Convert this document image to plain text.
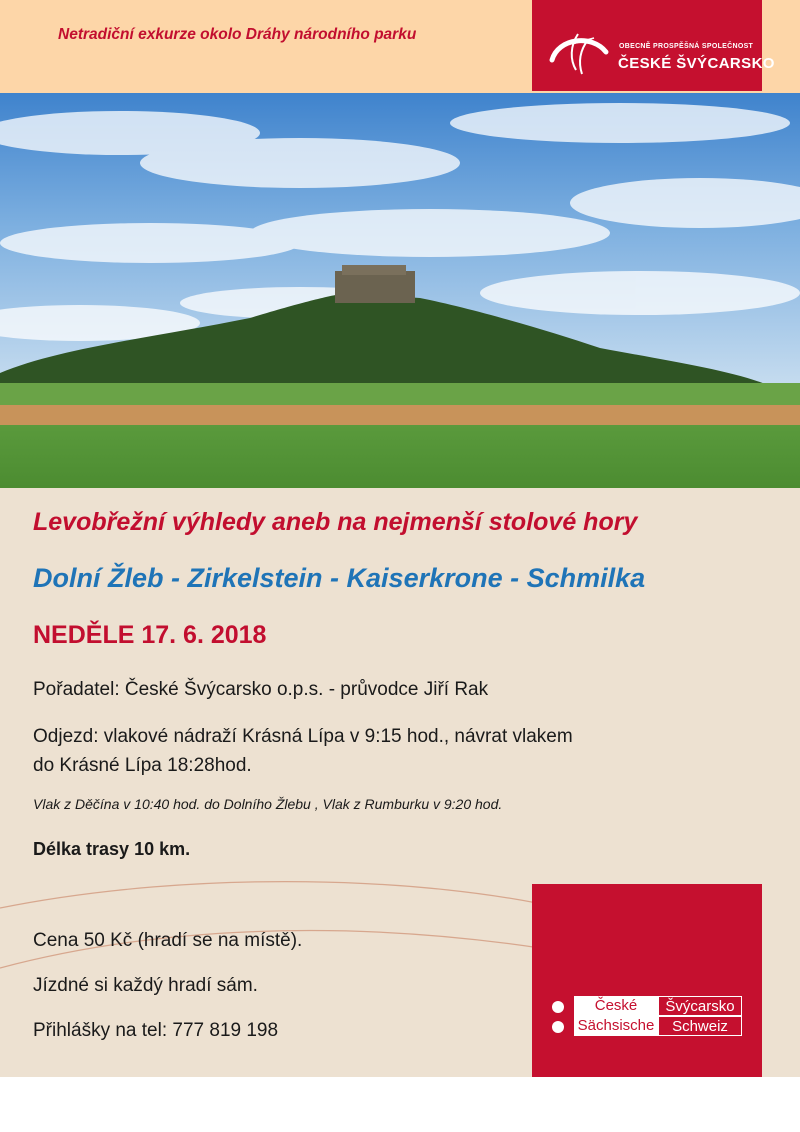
Netradiční exkurze okolo Dráhy národního parku
OBECNĚ PROSPĚŠNÁ SPOLEČNOST
ČESKÉ ŠVÝCARSKO
Levobřežní výhledy aneb na nejmenší stolové hory
Dolní Žleb - Zirkelstein - Kaiserkrone - Schmilka
NEDĚLE 17. 6. 2018
Pořadatel: České Švýcarsko o.p.s. - průvodce Jiří Rak
Odjezd: vlakové nádraží Krásná Lípa v 9:15 hod., návrat vlakem
do Krásné Lípa 18:28hod.
Vlak z Děčína v 10:40 hod. do Dolního Žlebu , Vlak z Rumburku v 9:20 hod.
Délka trasy 10 km.
Cena 50 Kč (hradí se na místě).
Jízdné si každý hradí sám.
Přihlášky na tel: 777 819 198
České	Švýcarsko
Sächsische	Schweiz
